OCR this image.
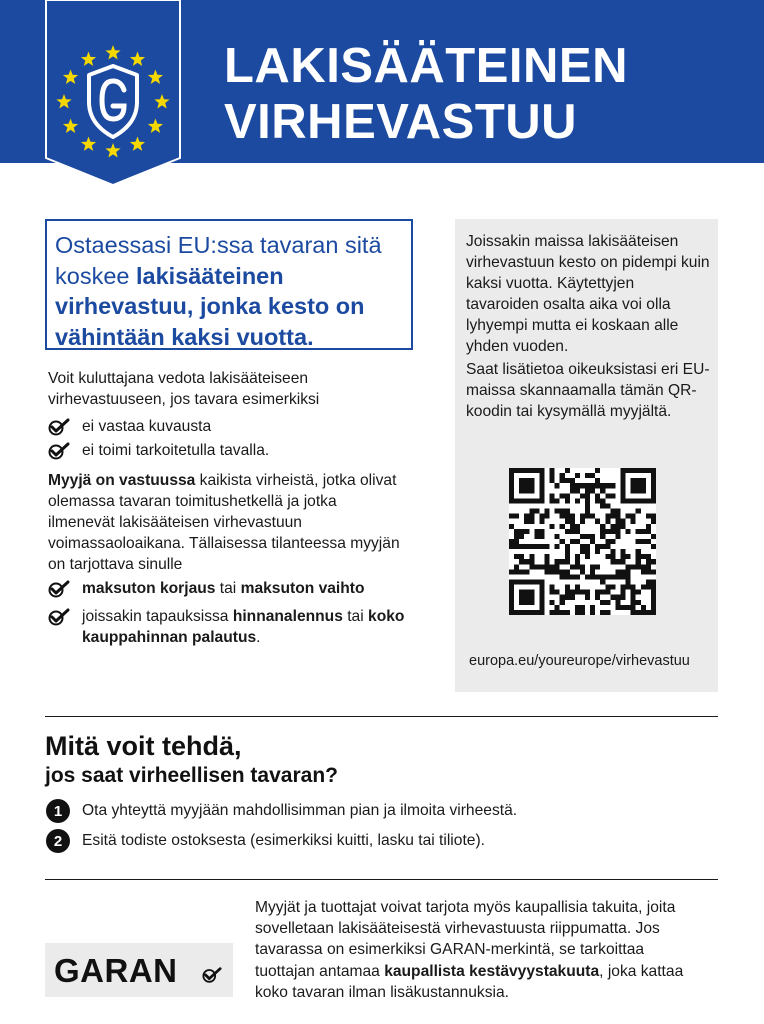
LAKISÄÄTEINEN
VIRHEVASTUU
Ostaessasi EU:ssa tavaran sitä koskee lakisääteinen virhevastuu, jonka kesto on vähintään kaksi vuotta.
Voit kuluttajana vedota lakisääteiseen virhevastuuseen, jos tavara esimerkiksi
ei vastaa kuvausta
ei toimi tarkoitetulla tavalla.
Myyjä on vastuussa kaikista virheistä, jotka olivat olemassa tavaran toimitushetkellä ja jotka ilmenevät lakisääteisen virhevastuun voimassaoloaikana. Tällaisessa tilanteessa myyjän on tarjottava sinulle
maksuton korjaus tai maksuton vaihto
joissakin tapauksissa hinnanalennus tai koko kauppahinnan palautus.
Joissakin maissa lakisääteisen virhevastuun kesto on pidempi kuin kaksi vuotta. Käytettyjen tavaroiden osalta aika voi olla lyhyempi mutta ei koskaan alle yhden vuoden.
Saat lisätietoa oikeuksistasi eri EU-maissa skannaamalla tämän QR-koodin tai kysymällä myyjältä.
europa.eu/youreurope/virhevastuu
Mitä voit tehdä,
jos saat virheellisen tavaran?
1	Ota yhteyttä myyjään mahdollisimman pian ja ilmoita virheestä.
2	Esitä todiste ostoksesta (esimerkiksi kuitti, lasku tai tiliote).
GARAN
Myyjät ja tuottajat voivat tarjota myös kaupallisia takuita, joita sovelletaan lakisääteisestä virhevastuusta riippumatta. Jos tavarassa on esimerkiksi GARAN-merkintä, se tarkoittaa tuottajan antamaa kaupallista kestävyystakuuta, joka kattaa koko tavaran ilman lisäkustannuksia.
